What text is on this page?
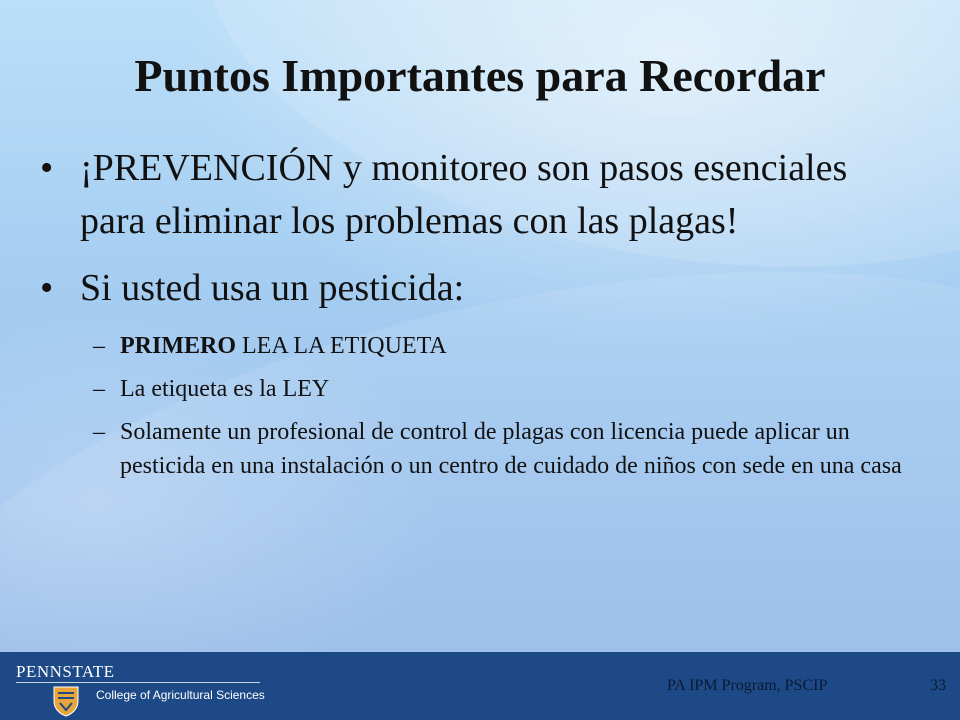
Puntos Importantes para Recordar
• ¡PREVENCIÓN y monitoreo son pasos esenciales para eliminar los problemas con las plagas!
• Si usted usa un pesticida:
– PRIMERO LEA LA ETIQUETA
– La etiqueta es la LEY
– Solamente un profesional de control de plagas con licencia puede aplicar un pesticida en una instalación o un centro de cuidado de niños con sede en una casa
PENNSTATE
College of Agricultural Sciences
PA IPM Program, PSCIP	33
